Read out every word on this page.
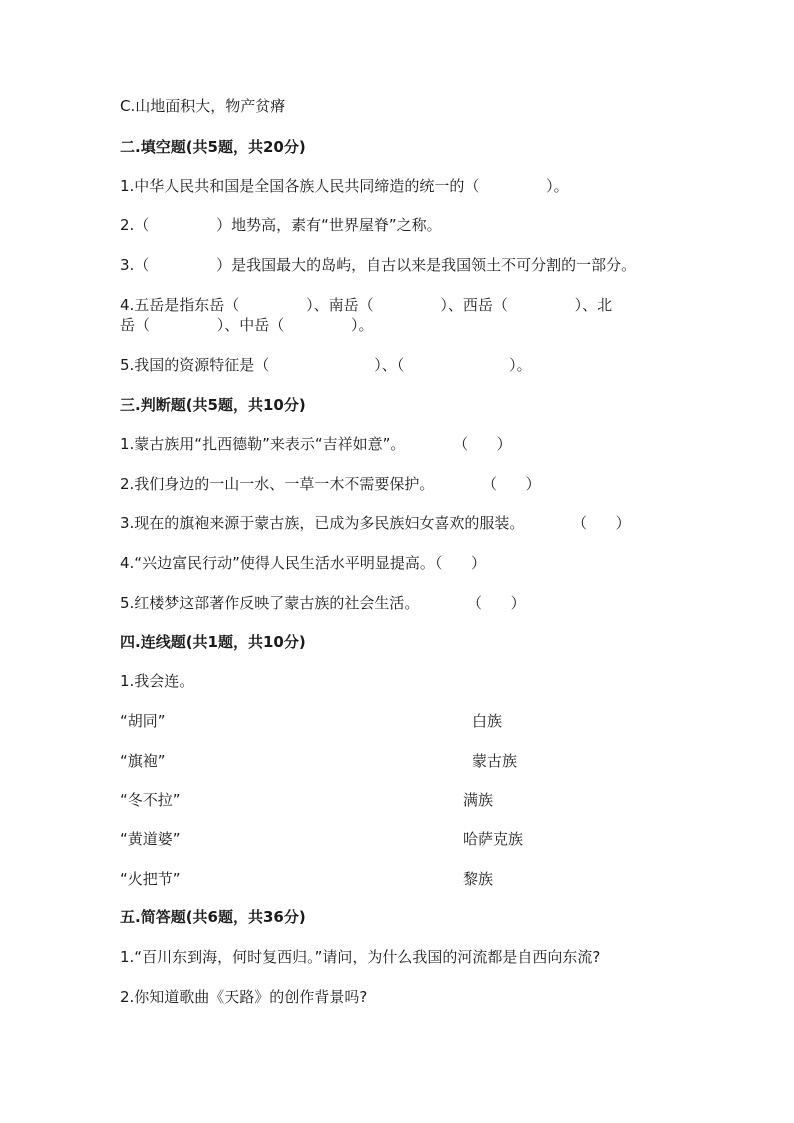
C.山地面积大，物产贫瘠

二.填空题(共5题，共20分)

1.中华人民共和国是全国各族人民共同缔造的统一的（              ）。

2.（              ）地势高，素有“世界屋脊”之称。

3.（              ）是我国最大的岛屿，自古以来是我国领土不可分割的一部分。

4.五岳是指东岳（              ）、南岳（              ）、西岳（              ）、北

岳（              ）、中岳（              ）。

5.我国的资源特征是（                      ）、（                      ）。

三.判断题(共5题，共10分)

1.蒙古族用“扎西德勒”来表示“吉祥如意”。          （      ）

2.我们身边的一山一水、一草一木不需要保护。          （      ）

3.现在的旗袍来源于蒙古族，已成为多民族妇女喜欢的服装。          （      ）

4.“兴边富民行动”使得人民生活水平明显提高。（      ）

5.红楼梦这部著作反映了蒙古族的社会生活。          （      ）

四.连线题(共1题，共10分)

1.我会连。

“胡同”

“旗袍”

“冬不拉”

“黄道婆”

“火把节”

白族
蒙古族
满族
哈萨克族
黎族

五.简答题(共6题，共36分)

1.“百川东到海，何时复西归。”请问，为什么我国的河流都是自西向东流?

2.你知道歌曲《天路》的创作背景吗?
